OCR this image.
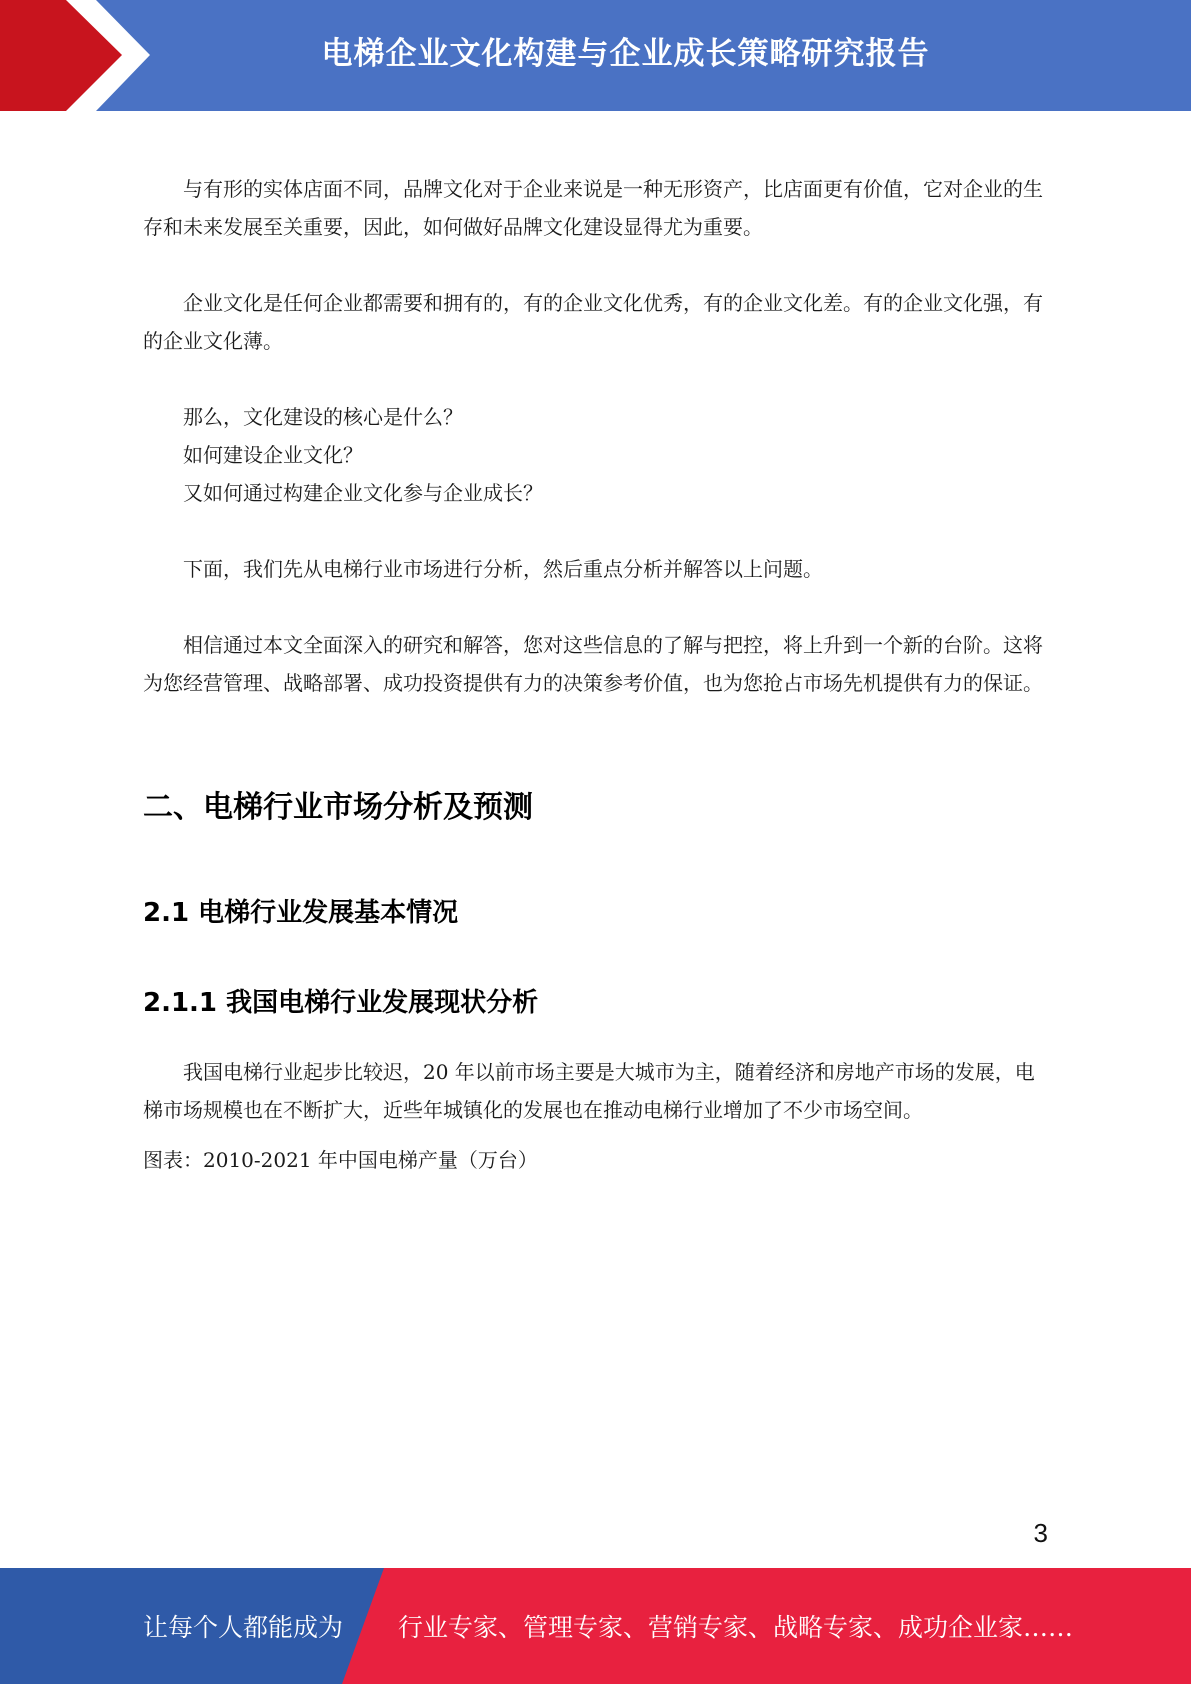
电梯企业文化构建与企业成长策略研究报告

与有形的实体店面不同，品牌文化对于企业来说是一种无形资产，比店面更有价值，它对企业的生存和未来发展至关重要，因此，如何做好品牌文化建设显得尤为重要。

企业文化是任何企业都需要和拥有的，有的企业文化优秀，有的企业文化差。有的企业文化强，有的企业文化薄。

那么，文化建设的核心是什么？

如何建设企业文化？

又如何通过构建企业文化参与企业成长？

下面，我们先从电梯行业市场进行分析，然后重点分析并解答以上问题。

相信通过本文全面深入的研究和解答，您对这些信息的了解与把控，将上升到一个新的台阶。这将为您经营管理、战略部署、成功投资提供有力的决策参考价值，也为您抢占市场先机提供有力的保证。

二、电梯行业市场分析及预测
2.1 电梯行业发展基本情况
2.1.1 我国电梯行业发展现状分析

我国电梯行业起步比较迟，20 年以前市场主要是大城市为主，随着经济和房地产市场的发展，电梯市场规模也在不断扩大，近些年城镇化的发展也在推动电梯行业增加了不少市场空间。

图表：2010-2021 年中国电梯产量（万台）

3
让每个人都能成为 行业专家、管理专家、营销专家、战略专家、成功企业家……
